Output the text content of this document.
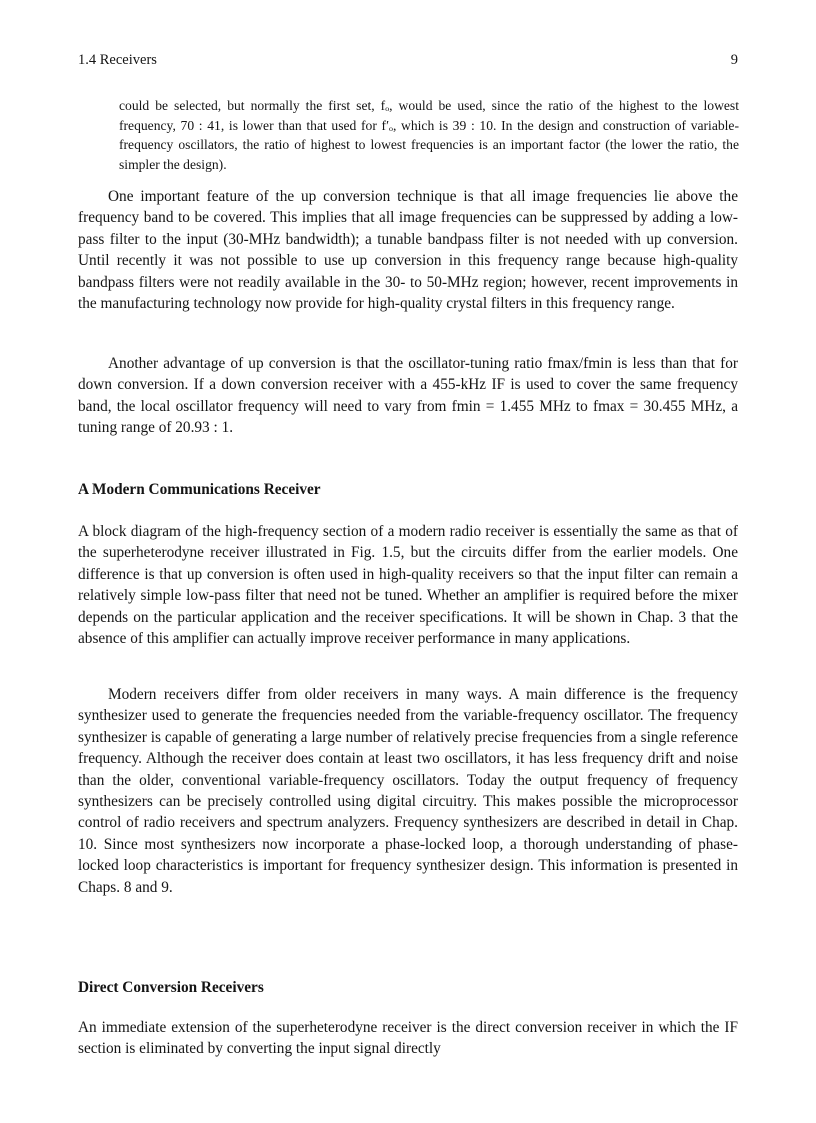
1.4 Receivers	9

could be selected, but normally the first set, fₒ, would be used, since the ratio of the highest to the lowest frequency, 70 : 41, is lower than that used for f′ₒ, which is 39 : 10. In the design and construction of variable-frequency oscillators, the ratio of highest to lowest frequencies is an important factor (the lower the ratio, the simpler the design).

One important feature of the up conversion technique is that all image frequencies lie above the frequency band to be covered. This implies that all image frequencies can be suppressed by adding a low-pass filter to the input (30-MHz bandwidth); a tunable bandpass filter is not needed with up conversion. Until recently it was not possible to use up conversion in this frequency range because high-quality bandpass filters were not readily available in the 30- to 50-MHz region; however, recent improvements in the manufacturing technology now provide for high-quality crystal filters in this frequency range.
Another advantage of up conversion is that the oscillator-tuning ratio fmax/fmin is less than that for down conversion. If a down conversion receiver with a 455-kHz IF is used to cover the same frequency band, the local oscillator frequency will need to vary from fmin = 1.455 MHz to fmax = 30.455 MHz, a tuning range of 20.93 : 1.
A Modern Communications Receiver
A block diagram of the high-frequency section of a modern radio receiver is essentially the same as that of the superheterodyne receiver illustrated in Fig. 1.5, but the circuits differ from the earlier models. One difference is that up conversion is often used in high-quality receivers so that the input filter can remain a relatively simple low-pass filter that need not be tuned. Whether an amplifier is required before the mixer depends on the particular application and the receiver specifications. It will be shown in Chap. 3 that the absence of this amplifier can actually improve receiver performance in many applications.
Modern receivers differ from older receivers in many ways. A main difference is the frequency synthesizer used to generate the frequencies needed from the variable-frequency oscillator. The frequency synthesizer is capable of generating a large number of relatively precise frequencies from a single reference frequency. Although the receiver does contain at least two oscillators, it has less frequency drift and noise than the older, conventional variable-frequency oscillators. Today the output frequency of frequency synthesizers can be precisely controlled using digital circuitry. This makes possible the microprocessor control of radio receivers and spectrum analyzers. Frequency synthesizers are described in detail in Chap. 10. Since most synthesizers now incorporate a phase-locked loop, a thorough understanding of phase-locked loop characteristics is important for frequency synthesizer design. This information is presented in Chaps. 8 and 9.
Direct Conversion Receivers
An immediate extension of the superheterodyne receiver is the direct conversion receiver in which the IF section is eliminated by converting the input signal directly
